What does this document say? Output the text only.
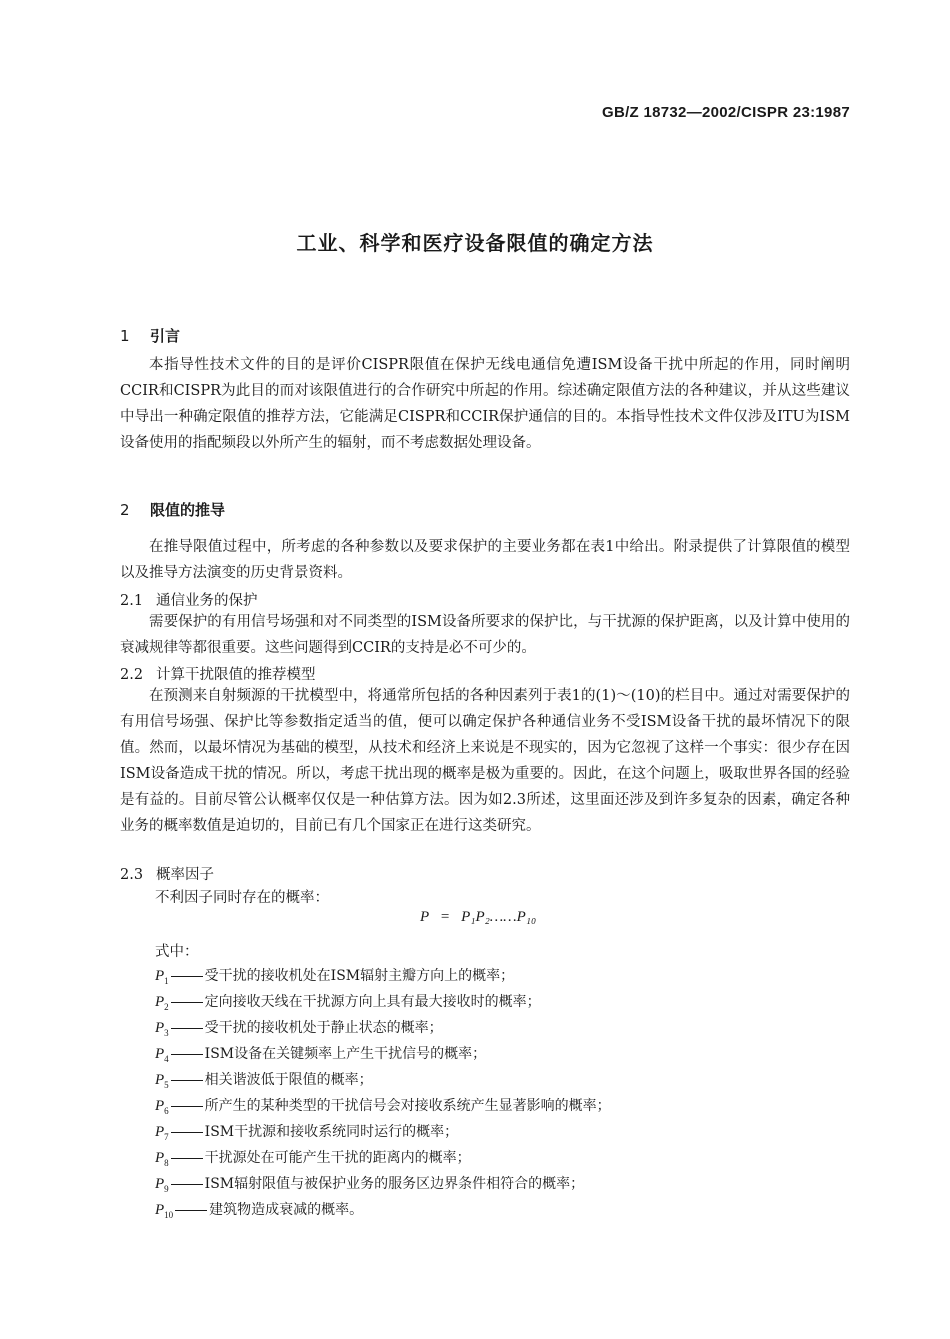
GB/Z 18732—2002/CISPR 23:1987
工业、科学和医疗设备限值的确定方法
1 引言

本指导性技术文件的目的是评价CISPR限值在保护无线电通信免遭ISM设备干扰中所起的作用，同时阐明CCIR和CISPR为此目的而对该限值进行的合作研究中所起的作用。综述确定限值方法的各种建议，并从这些建议中导出一种确定限值的推荐方法，它能满足CISPR和CCIR保护通信的目的。本指导性技术文件仅涉及ITU为ISM设备使用的指配频段以外所产生的辐射，而不考虑数据处理设备。

2 限值的推导

在推导限值过程中，所考虑的各种参数以及要求保护的主要业务都在表1中给出。附录提供了计算限值的模型以及推导方法演变的历史背景资料。

2.1 通信业务的保护

需要保护的有用信号场强和对不同类型的ISM设备所要求的保护比，与干扰源的保护距离，以及计算中使用的衰减规律等都很重要。这些问题得到CCIR的支持是必不可少的。

2.2 计算干扰限值的推荐模型

在预测来自射频源的干扰模型中，将通常所包括的各种因素列于表1的(1)～(10)的栏目中。通过对需要保护的有用信号场强、保护比等参数指定适当的值，便可以确定保护各种通信业务不受ISM设备干扰的最坏情况下的限值。然而，以最坏情况为基础的模型，从技术和经济上来说是不现实的，因为它忽视了这样一个事实：很少存在因ISM设备造成干扰的情况。所以，考虑干扰出现的概率是极为重要的。因此，在这个问题上，吸取世界各国的经验是有益的。目前尽管公认概率仅仅是一种估算方法。因为如2.3所述，这里面还涉及到许多复杂的因素，确定各种业务的概率数值是迫切的，目前已有几个国家正在进行这类研究。

2.3 概率因子
不利因子同时存在的概率：
P = P₁P₂……P₁₀
式中：
$P_1$	受干扰的接收机处在ISM辐射主瓣方向上的概率；
$P_2$	定向接收天线在干扰源方向上具有最大接收时的概率；
$P_3$	受干扰的接收机处于静止状态的概率；
$P_4$	ISM设备在关键频率上产生干扰信号的概率；
$P_5$	相关谐波低于限值的概率；
$P_6$	所产生的某种类型的干扰信号会对接收系统产生显著影响的概率；
$P_7$	ISM干扰源和接收系统同时运行的概率；
$P_8$	干扰源处在可能产生干扰的距离内的概率；
$P_9$	ISM辐射限值与被保护业务的服务区边界条件相符合的概率；
$P_{10}$	建筑物造成衰减的概率。
